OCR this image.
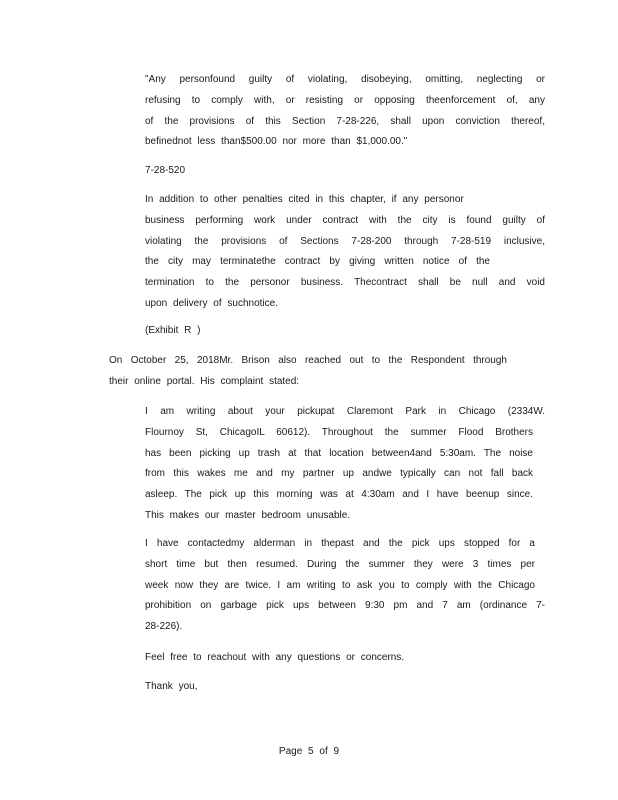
"Any personfound guilty of violating, disobeying, omitting, neglecting or
refusing to comply with, or resisting or opposing theenforcement of, any
of the provisions of this Section 7-28-226, shall upon conviction thereof,
befinednot less than$500.00 nor more than $1,000.00."
7-28-520
In addition to other penalties cited in this chapter, if any personor
business performing work under contract with the city is found guilty of
violating the provisions of Sections 7-28-200 through 7-28-519 inclusive,
the city may terminatethe contract by giving written notice of the
termination to the personor business. Thecontract shall be null and void
upon delivery of suchnotice.
(Exhibit R )
On October 25, 2018Mr. Brison also reached out to the Respondent through
their online portal. His complaint stated:
I am writing about your pickupat Claremont Park in Chicago (2334W.
Flournoy St, ChicagoIL 60612). Throughout the summer Flood Brothers
has been picking up trash at that location between4and 5:30am. The noise
from this wakes me and my partner up andwe typically can not fall back
asleep. The pick up this morning was at 4:30am and I have beenup since.
This makes our master bedroom unusable.
I have contactedmy alderman in thepast and the pick ups stopped for a
short time but then resumed. During the summer they were 3 times per
week now they are twice. I am writing to ask you to comply with the Chicago
prohibition on garbage pick ups between 9:30 pm and 7 am (ordinance 7-
28-226).
Feel free to reachout with any questions or concerns.
Thank you,
Page 5 of 9
